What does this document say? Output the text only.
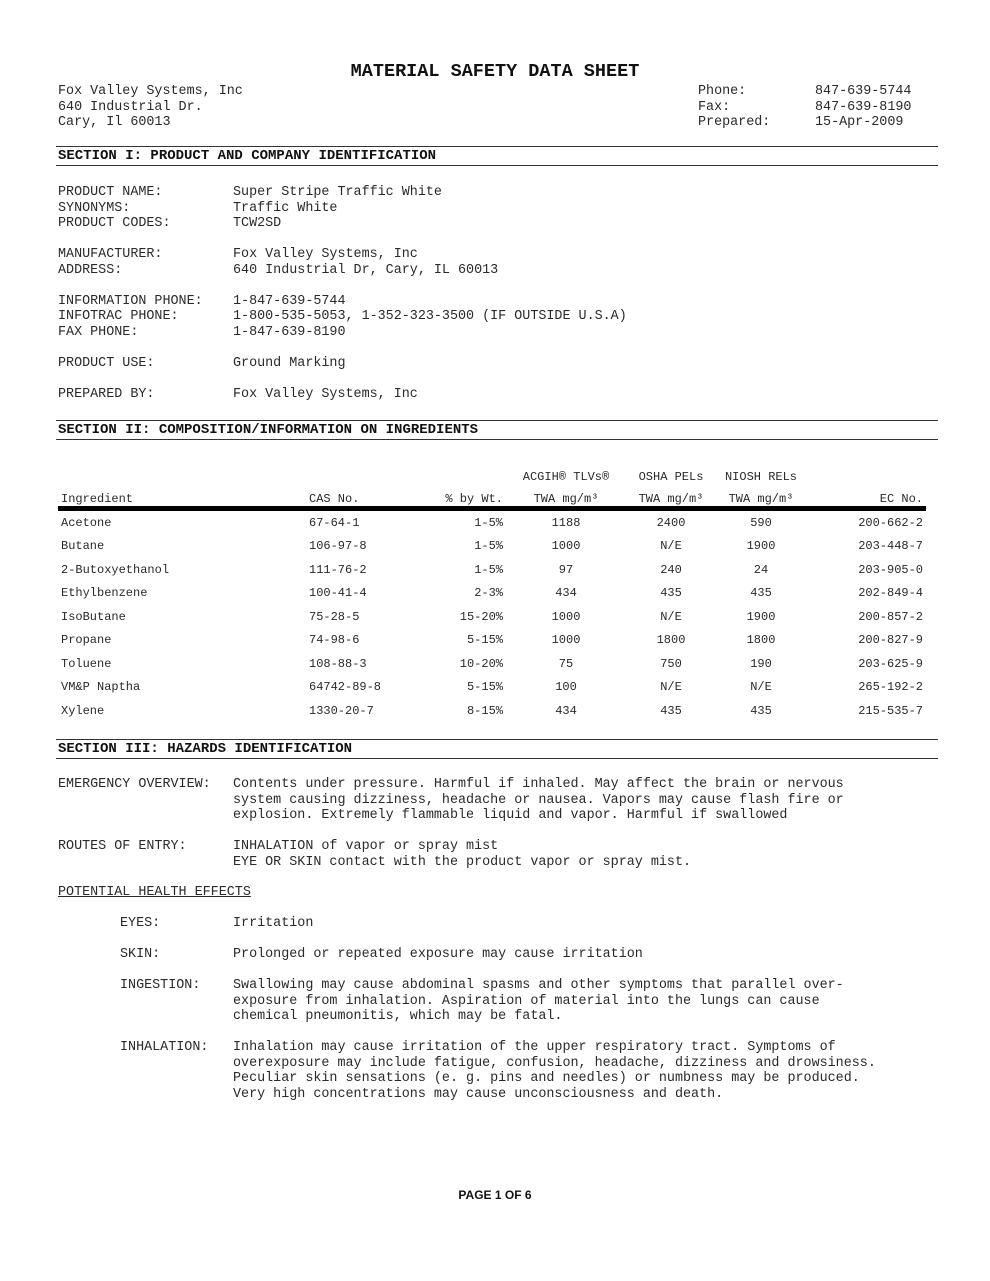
MATERIAL SAFETY DATA SHEET
Fox Valley Systems, Inc
640 Industrial Dr.
Cary, Il 60013
Phone:	847-639-5744
Fax:	847-639-8190
Prepared:	15-Apr-2009
SECTION I: PRODUCT AND COMPANY IDENTIFICATION
PRODUCT NAME:	Super Stripe Traffic White
SYNONYMS:	Traffic White
PRODUCT CODES:	TCW2SD
MANUFACTURER:	Fox Valley Systems, Inc
ADDRESS:	640 Industrial Dr, Cary, IL 60013
INFORMATION PHONE:	1-847-639-5744
INFOTRAC PHONE:	1-800-535-5053, 1-352-323-3500 (IF OUTSIDE U.S.A)
FAX PHONE:	1-847-639-8190
PRODUCT USE:	Ground Marking
PREPARED BY:	Fox Valley Systems, Inc
SECTION II: COMPOSITION/INFORMATION ON INGREDIENTS
			ACGIH® TLVs®	OSHA PELs	NIOSH RELs	
Ingredient	CAS No.	% by Wt.	TWA mg/m³	TWA mg/m³	TWA mg/m³	EC No.
Acetone	67-64-1	1-5%	1188	2400	590	200-662-2
Butane	106-97-8	1-5%	1000	N/E	1900	203-448-7
2-Butoxyethanol	111-76-2	1-5%	97	240	24	203-905-0
Ethylbenzene	100-41-4	2-3%	434	435	435	202-849-4
IsoButane	75-28-5	15-20%	1000	N/E	1900	200-857-2
Propane	74-98-6	5-15%	1000	1800	1800	200-827-9
Toluene	108-88-3	10-20%	75	750	190	203-625-9
VM&P Naptha	64742-89-8	5-15%	100	N/E	N/E	265-192-2
Xylene	1330-20-7	8-15%	434	435	435	215-535-7
SECTION III: HAZARDS IDENTIFICATION
EMERGENCY OVERVIEW:	Contents under pressure. Harmful if inhaled. May affect the brain or nervous
system causing dizziness, headache or nausea. Vapors may cause flash fire or
explosion. Extremely flammable liquid and vapor. Harmful if swallowed
ROUTES OF ENTRY:	INHALATION of vapor or spray mist
EYE OR SKIN contact with the product vapor or spray mist.
POTENTIAL HEALTH EFFECTS
EYES:	Irritation
SKIN:	Prolonged or repeated exposure may cause irritation
INGESTION:	Swallowing may cause abdominal spasms and other symptoms that parallel over-
exposure from inhalation. Aspiration of material into the lungs can cause
chemical pneumonitis, which may be fatal.
INHALATION:	Inhalation may cause irritation of the upper respiratory tract. Symptoms of
overexposure may include fatigue, confusion, headache, dizziness and drowsiness.
Peculiar skin sensations (e. g. pins and needles) or numbness may be produced.
Very high concentrations may cause unconsciousness and death.
PAGE 1 OF 6
